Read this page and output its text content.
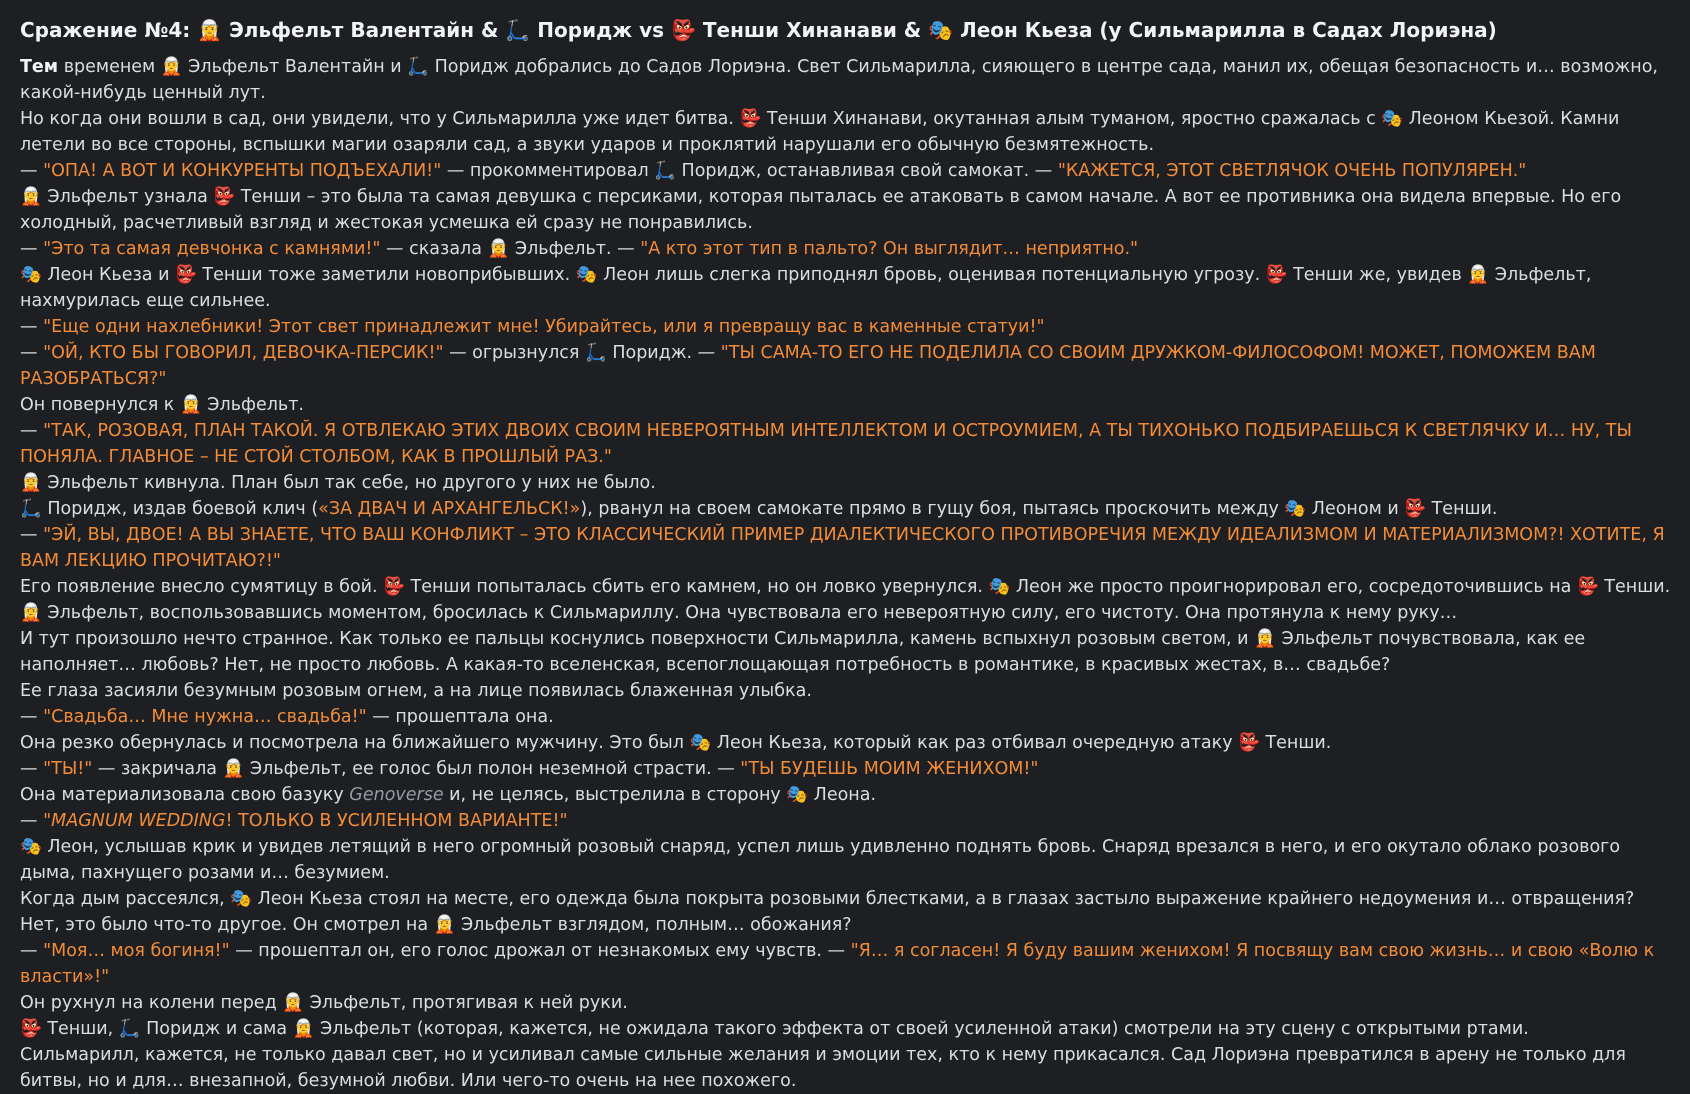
Сражение №4: 🧝 Эльфельт Валентайн & 🛴 Поридж vs 👺 Тенши Хинанави & 🎭 Леон Кьеза (у Сильмарилла в Садах Лориэна)

Тем временем 🧝 Эльфельт Валентайн и 🛴 Поридж добрались до Садов Лориэна. Свет Сильмарилла, сияющего в центре сада, манил их, обещая безопасность и… возможно, какой-нибудь ценный лут.

Но когда они вошли в сад, они увидели, что у Сильмарилла уже идет битва. 👺 Тенши Хинанави, окутанная алым туманом, яростно сражалась с 🎭 Леоном Кьезой. Камни летели во все стороны, вспышки магии озаряли сад, а звуки ударов и проклятий нарушали его обычную безмятежность.

— "ОПА! А ВОТ И КОНКУРЕНТЫ ПОДЪЕХАЛИ!" — прокомментировал 🛴 Поридж, останавливая свой самокат. — "КАЖЕТСЯ, ЭТОТ СВЕТЛЯЧОК ОЧЕНЬ ПОПУЛЯРЕН."

🧝 Эльфельт узнала 👺 Тенши – это была та самая девушка с персиками, которая пыталась ее атаковать в самом начале. А вот ее противника она видела впервые. Но его холодный, расчетливый взгляд и жестокая усмешка ей сразу не понравились.

— "Это та самая девчонка с камнями!" — сказала 🧝 Эльфельт. — "А кто этот тип в пальто? Он выглядит… неприятно."

🎭 Леон Кьеза и 👺 Тенши тоже заметили новоприбывших. 🎭 Леон лишь слегка приподнял бровь, оценивая потенциальную угрозу. 👺 Тенши же, увидев 🧝 Эльфельт, нахмурилась еще сильнее.

— "Еще одни нахлебники! Этот свет принадлежит мне! Убирайтесь, или я превращу вас в каменные статуи!"

— "ОЙ, КТО БЫ ГОВОРИЛ, ДЕВОЧКА-ПЕРСИК!" — огрызнулся 🛴 Поридж. — "ТЫ САМА-ТО ЕГО НЕ ПОДЕЛИЛА СО СВОИМ ДРУЖКОМ-ФИЛОСОФОМ! МОЖЕТ, ПОМОЖЕМ ВАМ РАЗОБРАТЬСЯ?"

Он повернулся к 🧝 Эльфельт.

— "ТАК, РОЗОВАЯ, ПЛАН ТАКОЙ. Я ОТВЛЕКАЮ ЭТИХ ДВОИХ СВОИМ НЕВЕРОЯТНЫМ ИНТЕЛЛЕКТОМ И ОСТРОУМИЕМ, А ТЫ ТИХОНЬКО ПОДБИРАЕШЬСЯ К СВЕТЛЯЧКУ И… НУ, ТЫ ПОНЯЛА. ГЛАВНОЕ – НЕ СТОЙ СТОЛБОМ, КАК В ПРОШЛЫЙ РАЗ."

🧝 Эльфельт кивнула. План был так себе, но другого у них не было.

🛴 Поридж, издав боевой клич («ЗА ДВАЧ И АРХАНГЕЛЬСК!»), рванул на своем самокате прямо в гущу боя, пытаясь проскочить между 🎭 Леоном и 👺 Тенши.

— "ЭЙ, ВЫ, ДВОЕ! А ВЫ ЗНАЕТЕ, ЧТО ВАШ КОНФЛИКТ – ЭТО КЛАССИЧЕСКИЙ ПРИМЕР ДИАЛЕКТИЧЕСКОГО ПРОТИВОРЕЧИЯ МЕЖДУ ИДЕАЛИЗМОМ И МАТЕРИАЛИЗМОМ?! ХОТИТЕ, Я ВАМ ЛЕКЦИЮ ПРОЧИТАЮ?!"

Его появление внесло сумятицу в бой. 👺 Тенши попыталась сбить его камнем, но он ловко увернулся. 🎭 Леон же просто проигнорировал его, сосредоточившись на 👺 Тенши.

🧝 Эльфельт, воспользовавшись моментом, бросилась к Сильмариллу. Она чувствовала его невероятную силу, его чистоту. Она протянула к нему руку…

И тут произошло нечто странное. Как только ее пальцы коснулись поверхности Сильмарилла, камень вспыхнул розовым светом, и 🧝 Эльфельт почувствовала, как ее наполняет… любовь? Нет, не просто любовь. А какая-то вселенская, всепоглощающая потребность в романтике, в красивых жестах, в… свадьбе?

Ее глаза засияли безумным розовым огнем, а на лице появилась блаженная улыбка.

— "Свадьба… Мне нужна… свадьба!" — прошептала она.

Она резко обернулась и посмотрела на ближайшего мужчину. Это был 🎭 Леон Кьеза, который как раз отбивал очередную атаку 👺 Тенши.

— "ТЫ!" — закричала 🧝 Эльфельт, ее голос был полон неземной страсти. — "ТЫ БУДЕШЬ МОИМ ЖЕНИХОМ!"

Она материализовала свою базуку Genoverse и, не целясь, выстрелила в сторону 🎭 Леона.

— "MAGNUM WEDDING! ТОЛЬКО В УСИЛЕННОМ ВАРИАНТЕ!"

🎭 Леон, услышав крик и увидев летящий в него огромный розовый снаряд, успел лишь удивленно поднять бровь. Снаряд врезался в него, и его окутало облако розового дыма, пахнущего розами и… безумием.

Когда дым рассеялся, 🎭 Леон Кьеза стоял на месте, его одежда была покрыта розовыми блестками, а в глазах застыло выражение крайнего недоумения и… отвращения? Нет, это было что-то другое. Он смотрел на 🧝 Эльфельт взглядом, полным… обожания?

— "Моя… моя богиня!" — прошептал он, его голос дрожал от незнакомых ему чувств. — "Я… я согласен! Я буду вашим женихом! Я посвящу вам свою жизнь… и свою «Волю к власти»!"

Он рухнул на колени перед 🧝 Эльфельт, протягивая к ней руки.

👺 Тенши, 🛴 Поридж и сама 🧝 Эльфельт (которая, кажется, не ожидала такого эффекта от своей усиленной атаки) смотрели на эту сцену с открытыми ртами.

Сильмарилл, кажется, не только давал свет, но и усиливал самые сильные желания и эмоции тех, кто к нему прикасался. Сад Лориэна превратился в арену не только для битвы, но и для… внезапной, безумной любви. Или чего-то очень на нее похожего.
